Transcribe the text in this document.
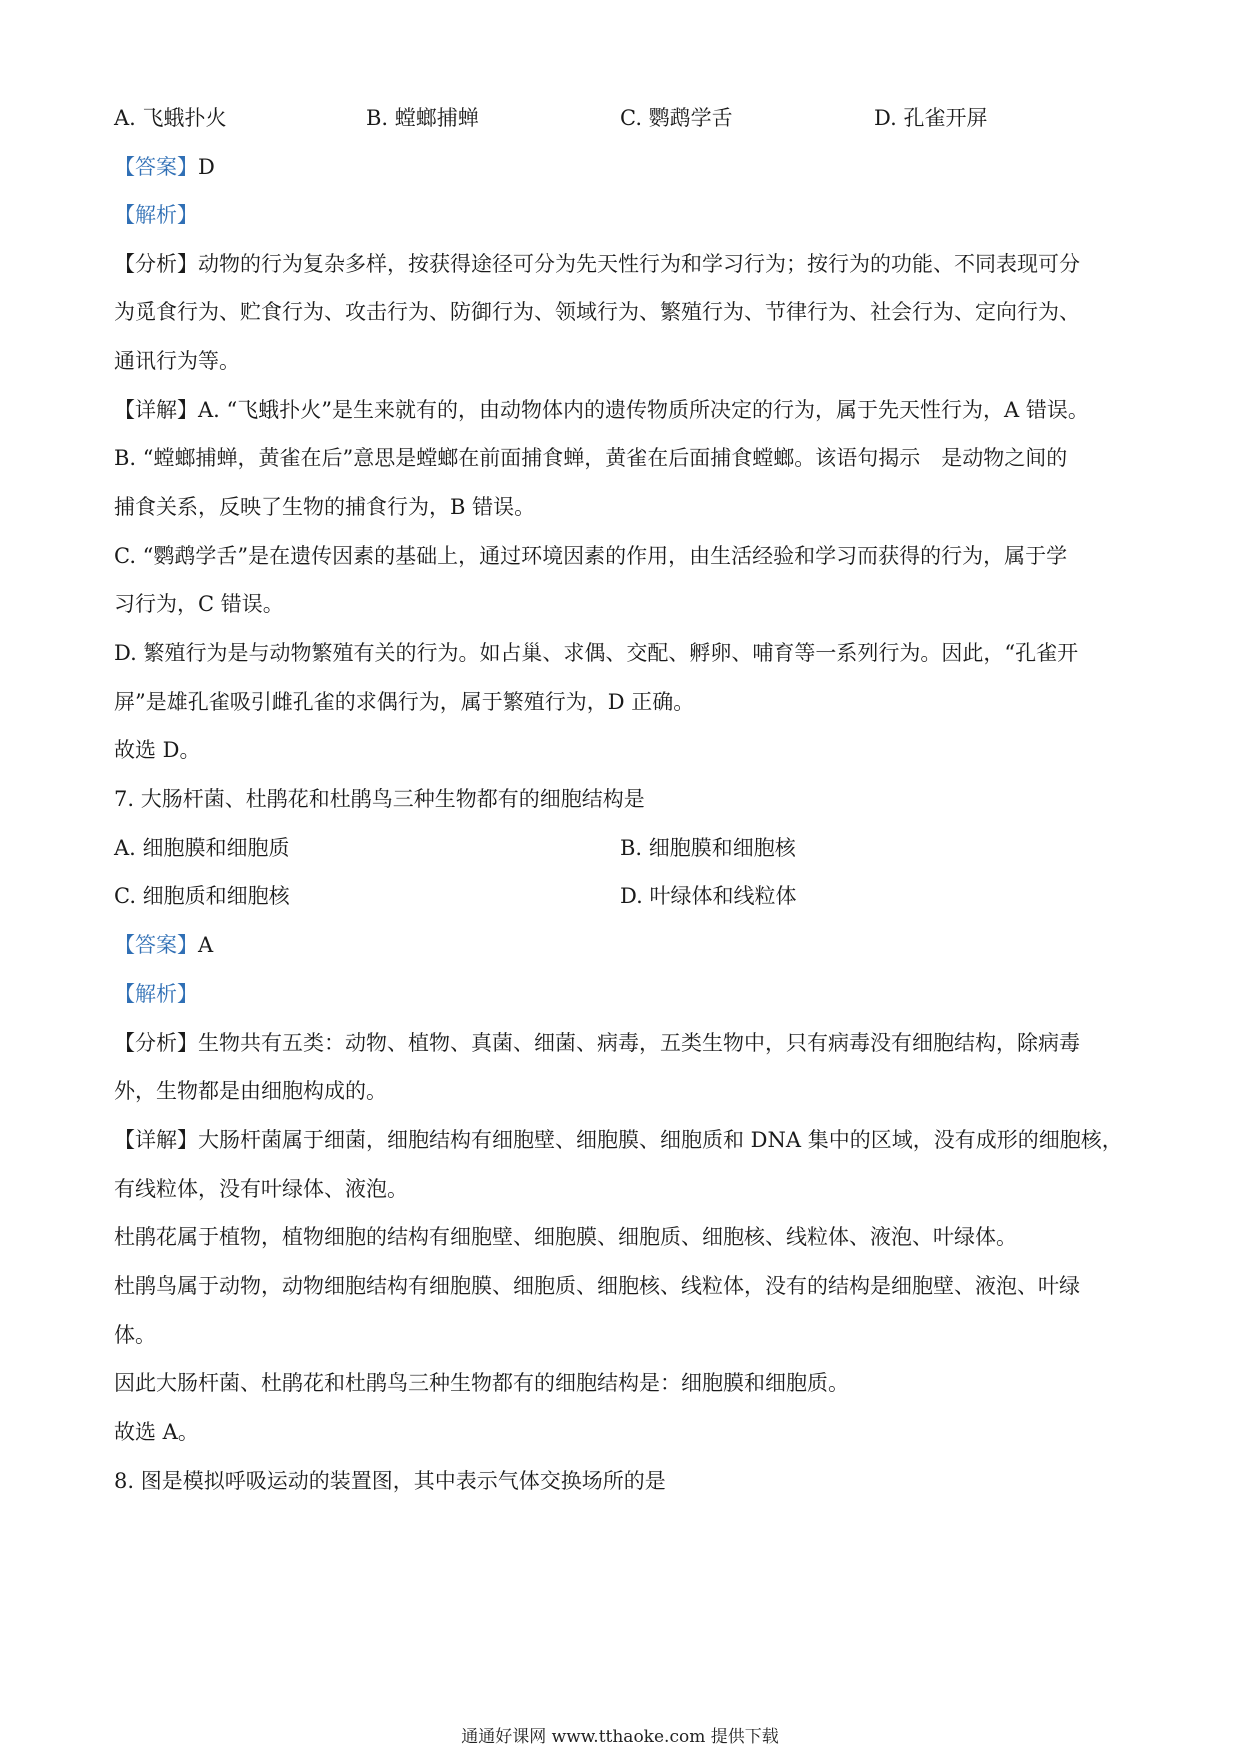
A. 飞蛾扑火	B. 螳螂捕蝉	C. 鹦鹉学舌	D. 孔雀开屏
【答案】D
【解析】
【分析】动物的行为复杂多样，按获得途径可分为先天性行为和学习行为；按行为的功能、不同表现可分
为觅食行为、贮食行为、攻击行为、防御行为、领域行为、繁殖行为、节律行为、社会行为、定向行为、
通讯行为等。
【详解】A. “飞蛾扑火”是生来就有的，由动物体内的遗传物质所决定的行为，属于先天性行为，A 错误。
B. “螳螂捕蝉，黄雀在后”意思是螳螂在前面捕食蝉，黄雀在后面捕食螳螂。该语句揭示　是动物之间的
捕食关系，反映了生物的捕食行为，B 错误。
C. “鹦鹉学舌”是在遗传因素的基础上，通过环境因素的作用，由生活经验和学习而获得的行为，属于学
习行为，C 错误。
D. 繁殖行为是与动物繁殖有关的行为。如占巢、求偶、交配、孵卵、哺育等一系列行为。因此，“孔雀开
屏”是雄孔雀吸引雌孔雀的求偶行为，属于繁殖行为，D 正确。
故选 D。
7. 大肠杆菌、杜鹃花和杜鹃鸟三种生物都有的细胞结构是
A. 细胞膜和细胞质	B. 细胞膜和细胞核
C. 细胞质和细胞核	D. 叶绿体和线粒体
【答案】A
【解析】
【分析】生物共有五类：动物、植物、真菌、细菌、病毒，五类生物中，只有病毒没有细胞结构，除病毒
外，生物都是由细胞构成的。
【详解】大肠杆菌属于细菌，细胞结构有细胞壁、细胞膜、细胞质和 DNA 集中的区域，没有成形的细胞核，
有线粒体，没有叶绿体、液泡。
杜鹃花属于植物，植物细胞的结构有细胞壁、细胞膜、细胞质、细胞核、线粒体、液泡、叶绿体。
杜鹃鸟属于动物，动物细胞结构有细胞膜、细胞质、细胞核、线粒体，没有的结构是细胞壁、液泡、叶绿
体。
因此大肠杆菌、杜鹃花和杜鹃鸟三种生物都有的细胞结构是：细胞膜和细胞质。
故选 A。
8. 图是模拟呼吸运动的装置图，其中表示气体交换场所的是
通通好课网 www.tthaoke.com 提供下载
